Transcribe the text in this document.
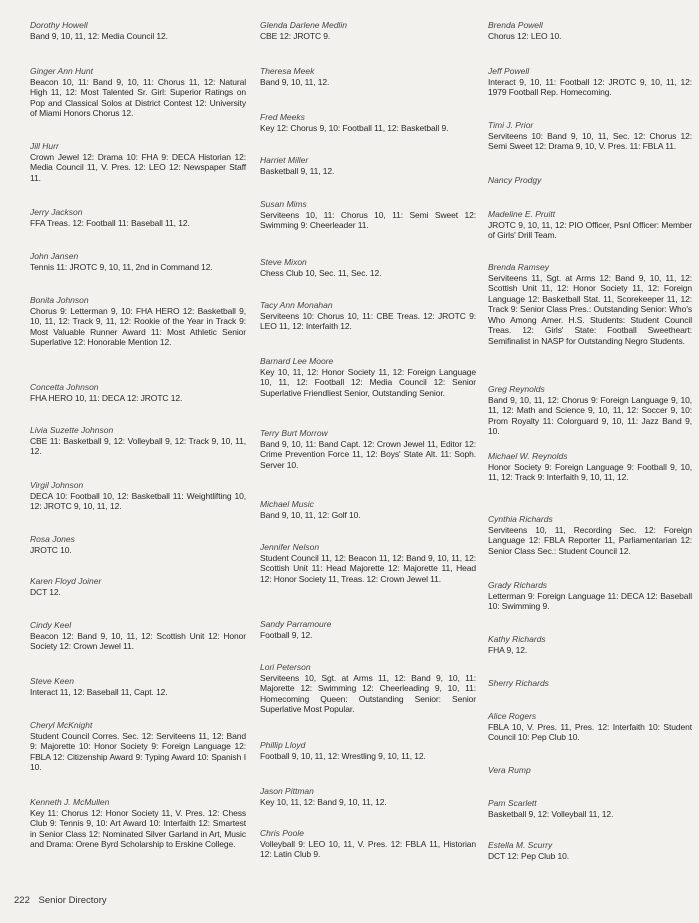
Dorothy Howell
Band 9, 10, 11, 12: Media Council 12.
Ginger Ann Hunt
Beacon 10, 11: Band 9, 10, 11: Chorus 11, 12: Natural High 11, 12: Most Talented Sr. Girl: Superior Ratings on Pop and Classical Solos at District Contest 12: University of Miami Honors Chorus 12.
Jill Hurr
Crown Jewel 12: Drama 10: FHA 9: DECA Historian 12: Media Council 11, V. Pres. 12: LEO 12: Newspaper Staff 11.
Jerry Jackson
FFA Treas. 12: Football 11: Baseball 11, 12.
John Jansen
Tennis 11: JROTC 9, 10, 11, 2nd in Command 12.
Bonita Johnson
Chorus 9: Letterman 9, 10: FHA HERO 12: Basketball 9, 10, 11, 12: Track 9, 11, 12: Rookie of the Year in Track 9: Most Valuable Runner Award 11: Most Athletic Senior Superlative 12: Honorable Mention 12.
Concetta Johnson
FHA HERO 10, 11: DECA 12: JROTC 12.
Livia Suzette Johnson
CBE 11: Basketball 9, 12: Volleyball 9, 12: Track 9, 10, 11, 12.
Virgil Johnson
DECA 10: Football 10, 12: Basketball 11: Weightlifting 10, 12: JROTC 9, 10, 11, 12.
Rosa Jones
JROTC 10.
Karen Floyd Joiner
DCT 12.
Cindy Keel
Beacon 12: Band 9, 10, 11, 12: Scottish Unit 12: Honor Society 12: Crown Jewel 11.
Steve Keen
Interact 11, 12: Baseball 11, Capt. 12.
Cheryl McKnight
Student Council Corres. Sec. 12: Serviteens 11, 12: Band 9: Majorette 10: Honor Society 9: Foreign Language 12: FBLA 12: Citizenship Award 9: Typing Award 10: Spanish I 10.
Kenneth J. McMullen
Key 11: Chorus 12: Honor Society 11, V. Pres. 12: Chess Club 9: Tennis 9, 10: Art Award 10: Interfaith 12: Smartest in Senior Class 12: Nominated Silver Garland in Art, Music and Drama: Orene Byrd Scholarship to Erskine College.
Glenda Darlene Medlin
CBE 12: JROTC 9.
Theresa Meek
Band 9, 10, 11, 12.
Fred Meeks
Key 12: Chorus 9, 10: Football 11, 12: Basketball 9.
Harriet Miller
Basketball 9, 11, 12.
Susan Mims
Serviteens 10, 11: Chorus 10, 11: Semi Sweet 12: Swimming 9: Cheerleader 11.
Steve Mixon
Chess Club 10, Sec. 11, Sec. 12.
Tacy Ann Monahan
Serviteens 10: Chorus 10, 11: CBE Treas. 12: JROTC 9: LEO 11, 12: Interfaith 12.
Barnard Lee Moore
Key 10, 11, 12: Honor Society 11, 12: Foreign Language 10, 11, 12: Football 12: Media Council 12: Senior Superlative Friendliest Senior, Outstanding Senior.
Terry Burt Morrow
Band 9, 10, 11: Band Capt. 12: Crown Jewel 11, Editor 12: Crime Prevention Force 11, 12: Boys' State Alt. 11: Soph. Server 10.
Michael Music
Band 9, 10, 11, 12: Golf 10.
Jennifer Nelson
Student Council 11, 12: Beacon 11, 12: Band 9, 10, 11, 12: Scottish Unit 11: Head Majorette 12: Majorette 11, Head 12: Honor Society 11, Treas. 12: Crown Jewel 11.
Sandy Parramoure
Football 9, 12.
Lori Peterson
Serviteens 10, Sgt. at Arms 11, 12: Band 9, 10, 11: Majorette 12: Swimming 12: Cheerleading 9, 10, 11: Homecoming Queen: Outstanding Senior: Senior Superlative Most Popular.
Phillip Lloyd
Football 9, 10, 11, 12: Wrestling 9, 10, 11, 12.
Jason Pittman
Key 10, 11, 12: Band 9, 10, 11, 12.
Chris Poole
Volleyball 9: LEO 10, 11, V. Pres. 12: FBLA 11, Historian 12: Latin Club 9.
Brenda Powell
Chorus 12: LEO 10.
Jeff Powell
Interact 9, 10, 11: Football 12: JROTC 9, 10, 11, 12: 1979 Football Rep. Homecoming.
Timi J. Prior
Serviteens 10: Band 9, 10, 11, Sec. 12: Chorus 12: Semi Sweet 12: Drama 9, 10, V. Pres. 11: FBLA 11.
Nancy Prodgy
Madeline E. Pruitt
JROTC 9, 10, 11, 12: PIO Officer, Psnl Officer: Member of Girls' Drill Team.
Brenda Ramsey
Serviteens 11, Sgt. at Arms 12: Band 9, 10, 11, 12: Scottish Unit 11, 12: Honor Society 11, 12: Foreign Language 12: Basketball Stat. 11, Scorekeeper 11, 12: Track 9: Senior Class Pres.: Outstanding Senior: Who's Who Among Amer. H.S. Students: Student Council Treas. 12: Girls' State: Football Sweetheart: Semifinalist in NASP for Outstanding Negro Students.
Greg Reynolds
Band 9, 10, 11, 12: Chorus 9: Foreign Language 9, 10, 11, 12: Math and Science 9, 10, 11, 12: Soccer 9, 10: Prom Royalty 11: Colorguard 9, 10, 11: Jazz Band 9, 10.
Michael W. Reynolds
Honor Society 9: Foreign Language 9: Football 9, 10, 11, 12: Track 9: Interfaith 9, 10, 11, 12.
Cynthia Richards
Serviteens 10, 11, Recording Sec. 12: Foreign Language 12: FBLA Reporter 11, Parliamentarian 12: Senior Class Sec.: Student Council 12.
Grady Richards
Letterman 9: Foreign Language 11: DECA 12: Baseball 10: Swimming 9.
Kathy Richards
FHA 9, 12.
Sherry Richards
Alice Rogers
FBLA 10, V. Pres. 11, Pres. 12: Interfaith 10: Student Council 10: Pep Club 10.
Vera Rump
Pam Scarlett
Basketball 9, 12: Volleyball 11, 12.
Estella M. Scurry
DCT 12: Pep Club 10.
222 Senior Directory
